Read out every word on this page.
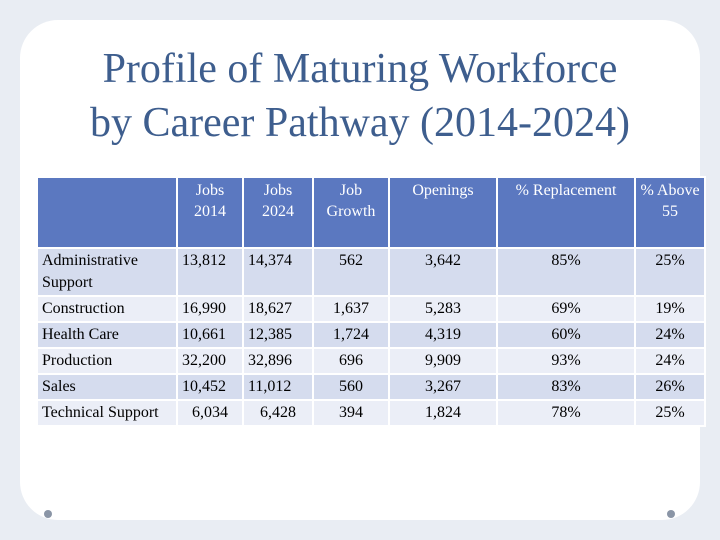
Profile of Maturing Workforce
by Career Pathway (2014-2024)
	Jobs 2014	Jobs 2024	Job Growth	Openings	% Replacement	% Above 55
Administrative Support	13,812	14,374	562	3,642	85%	25%
Construction	16,990	18,627	1,637	5,283	69%	19%
Health Care	10,661	12,385	1,724	4,319	60%	24%
Production	32,200	32,896	696	9,909	93%	24%
Sales	10,452	11,012	560	3,267	83%	26%
Technical Support	6,034	6,428	394	1,824	78%	25%
